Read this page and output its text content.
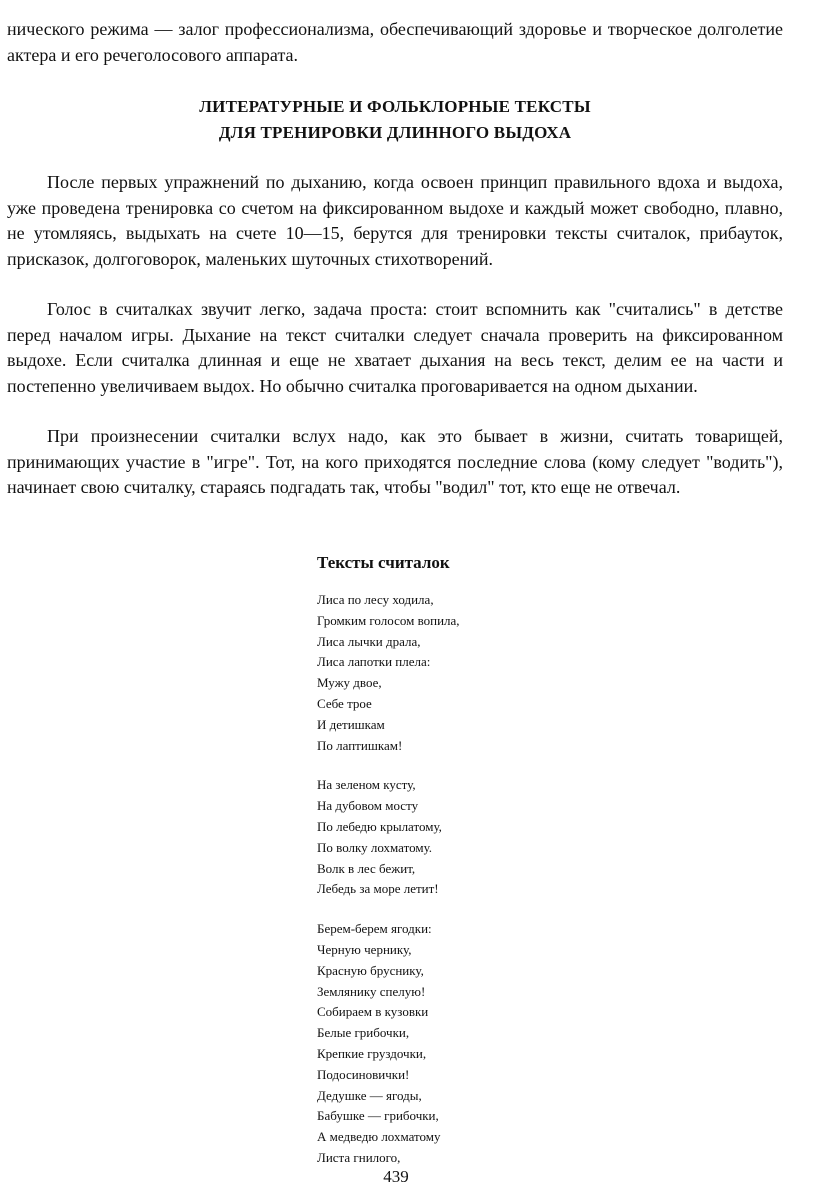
нического режима — залог профессионализма, обеспечивающий здоровье и творческое долголетие актера и его речеголосового аппарата.

ЛИТЕРАТУРНЫЕ И ФОЛЬКЛОРНЫЕ ТЕКСТЫ
ДЛЯ ТРЕНИРОВКИ ДЛИННОГО ВЫДОХА

После первых упражнений по дыханию, когда освоен принцип правильного вдоха и выдоха, уже проведена тренировка со счетом на фиксированном выдохе и каждый может свободно, плавно, не утомляясь, выдыхать на счете 10—15, берутся для тренировки тексты считалок, прибауток, присказок, долгоговорок, маленьких шуточных стихотворений.

Голос в считалках звучит легко, задача проста: стоит вспомнить как "считались" в детстве перед началом игры. Дыхание на текст считалки следует сначала проверить на фиксированном выдохе. Если считалка длинная и еще не хватает дыхания на весь текст, делим ее на части и постепенно увеличиваем выдох. Но обычно считалка проговаривается на одном дыхании.

При произнесении считалки вслух надо, как это бывает в жизни, считать товарищей, принимающих участие в "игре". Тот, на кого приходятся последние слова (кому следует "водить"), начинает свою считалку, стараясь подгадать так, чтобы "водил" тот, кто еще не отвечал.

Тексты считалок
Лиса по лесу ходила,
Громким голосом вопила,
Лиса лычки драла,
Лиса лапотки плела:
Мужу двое,
Себе трое
И детишкам
По лаптишкам!
На зеленом кусту,
На дубовом мосту
По лебедю крылатому,
По волку лохматому.
Волк в лес бежит,
Лебедь за море летит!
Берем-берем ягодки:
Черную чернику,
Красную бруснику,
Землянику спелую!
Собираем в кузовки
Белые грибочки,
Крепкие груздочки,
Подосиновички!
Дедушке — ягоды,
Бабушке — грибочки,
А медведю лохматому
Листа гнилого,
439
